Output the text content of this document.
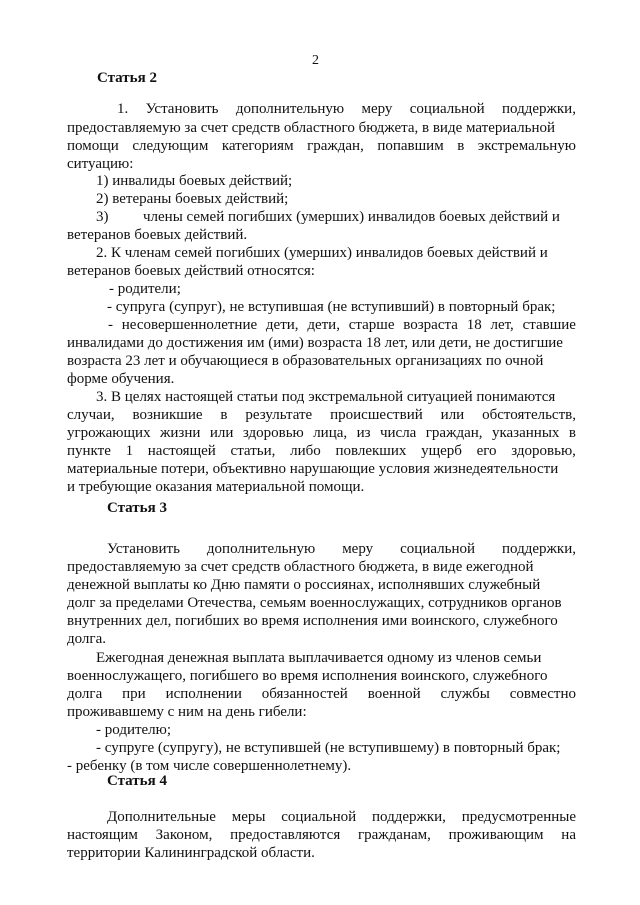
2
Статья 2
1. Установить дополнительную меру социальной поддержки,
предоставляемую за счет средств областного бюджета, в виде материальной
помощи следующим категориям граждан, попавшим в экстремальную
ситуацию:
1) инвалиды боевых действий;
2) ветераны боевых действий;
3) члены семей погибших (умерших) инвалидов боевых действий и
ветеранов боевых действий.
2. К членам семей погибших (умерших) инвалидов боевых действий и
ветеранов боевых действий относятся:
- родители;
- супруга (супруг), не вступившая (не вступивший) в повторный брак;
- несовершеннолетние дети, дети, старше возраста 18 лет, ставшие
инвалидами до достижения им (ими) возраста 18 лет, или дети, не достигшие
возраста 23 лет и обучающиеся в образовательных организациях по очной
форме обучения.
3. В целях настоящей статьи под экстремальной ситуацией понимаются
случаи, возникшие в результате происшествий или обстоятельств,
угрожающих жизни или здоровью лица, из числа граждан, указанных в
пункте 1 настоящей статьи, либо повлекших ущерб его здоровью,
материальные потери, объективно нарушающие условия жизнедеятельности
и требующие оказания материальной помощи.
Статья 3
Установить дополнительную меру социальной поддержки,
предоставляемую за счет средств областного бюджета, в виде ежегодной
денежной выплаты ко Дню памяти о россиянах, исполнявших служебный
долг за пределами Отечества, семьям военнослужащих, сотрудников органов
внутренних дел, погибших во время исполнения ими воинского, служебного
долга.
Ежегодная денежная выплата выплачивается одному из членов семьи
военнослужащего, погибшего во время исполнения воинского, служебного
долга при исполнении обязанностей военной службы совместно
проживавшему с ним на день гибели:
- родителю;
- супруге (супругу), не вступившей (не вступившему) в повторный брак;
- ребенку (в том числе совершеннолетнему).
Статья 4
Дополнительные меры социальной поддержки, предусмотренные
настоящим Законом, предоставляются гражданам, проживающим на
территории Калининградской области.
